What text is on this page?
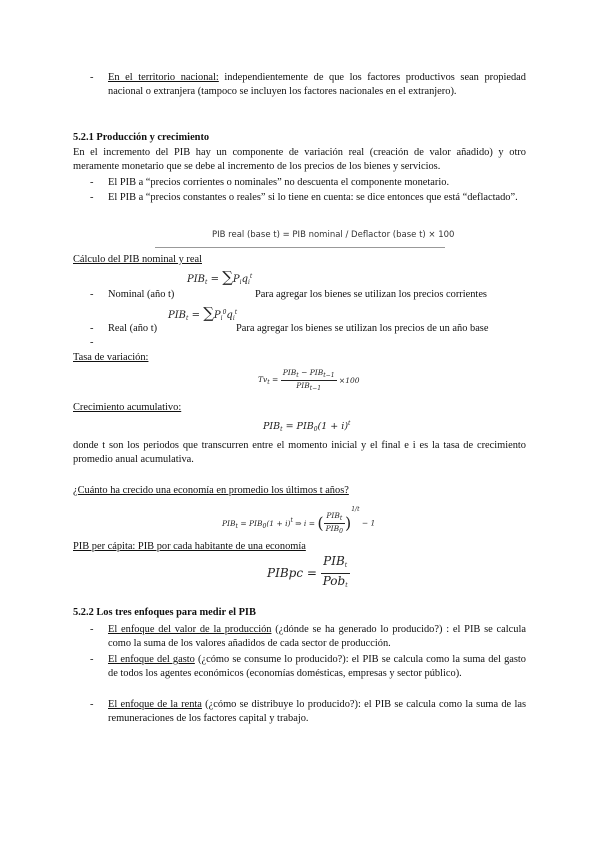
- En el territorio nacional: independientemente de que los factores productivos sean propiedad nacional o extranjera (tampoco se incluyen los factores nacionales en el extranjero).
5.2.1 Producción y crecimiento
En el incremento del PIB hay un componente de variación real (creación de valor añadido) y otro meramente monetario que se debe al incremento de los precios de los bienes y servicios.
- El PIB a “precios corrientes o nominales” no descuenta el componente monetario.
- El PIB a “precios constantes o reales” si lo tiene en cuenta: se dice entonces que está “deflactado”.
PIB real (base t) = PIB nominal / Deflactor (base t) × 100
Cálculo del PIB nominal y real
$PIB_t = \sum P_iq_i^t$
- Nominal (año t)	Para agregar los bienes se utilizan los precios corrientes
$PIB_t = \sum P_i^0q_i^t$
- Real (año t)	Para agregar los bienes se utilizan los precios de un año base
-
Tasa de variación:
$Tv_t = \frac{PIB_t - PIB_{t-1}}{PIB_{t-1}} \times 100$
Crecimiento acumulativo:
$PIB_t = PIB_0(1 + i)^t$
donde t son los periodos que transcurren entre el momento inicial y el final e i es la tasa de crecimiento promedio anual acumulativa.
¿Cuánto ha crecido una economía en promedio los últimos t años?
$PIB_t = PIB_0(1 + i)^t$ ⇒ i = ( $\frac{PIB_t}{PIB_0} )^{1/t} - 1$
PIB per cápita: PIB por cada habitante de una economía
PIBpc = $\frac{PIB_t}{Pob_t}$
5.2.2 Los tres enfoques para medir el PIB
- El enfoque del valor de la producción (¿dónde se ha generado lo producido?) : el PIB se calcula como la suma de los valores añadidos de cada sector de producción.
- El enfoque del gasto (¿cómo se consume lo producido?): el PIB se calcula como la suma del gasto de todos los agentes económicos (economías domésticas, empresas y sector público).
- El enfoque de la renta (¿cómo se distribuye lo producido?): el PIB se calcula como la suma de las remuneraciones de los factores capital y trabajo.
